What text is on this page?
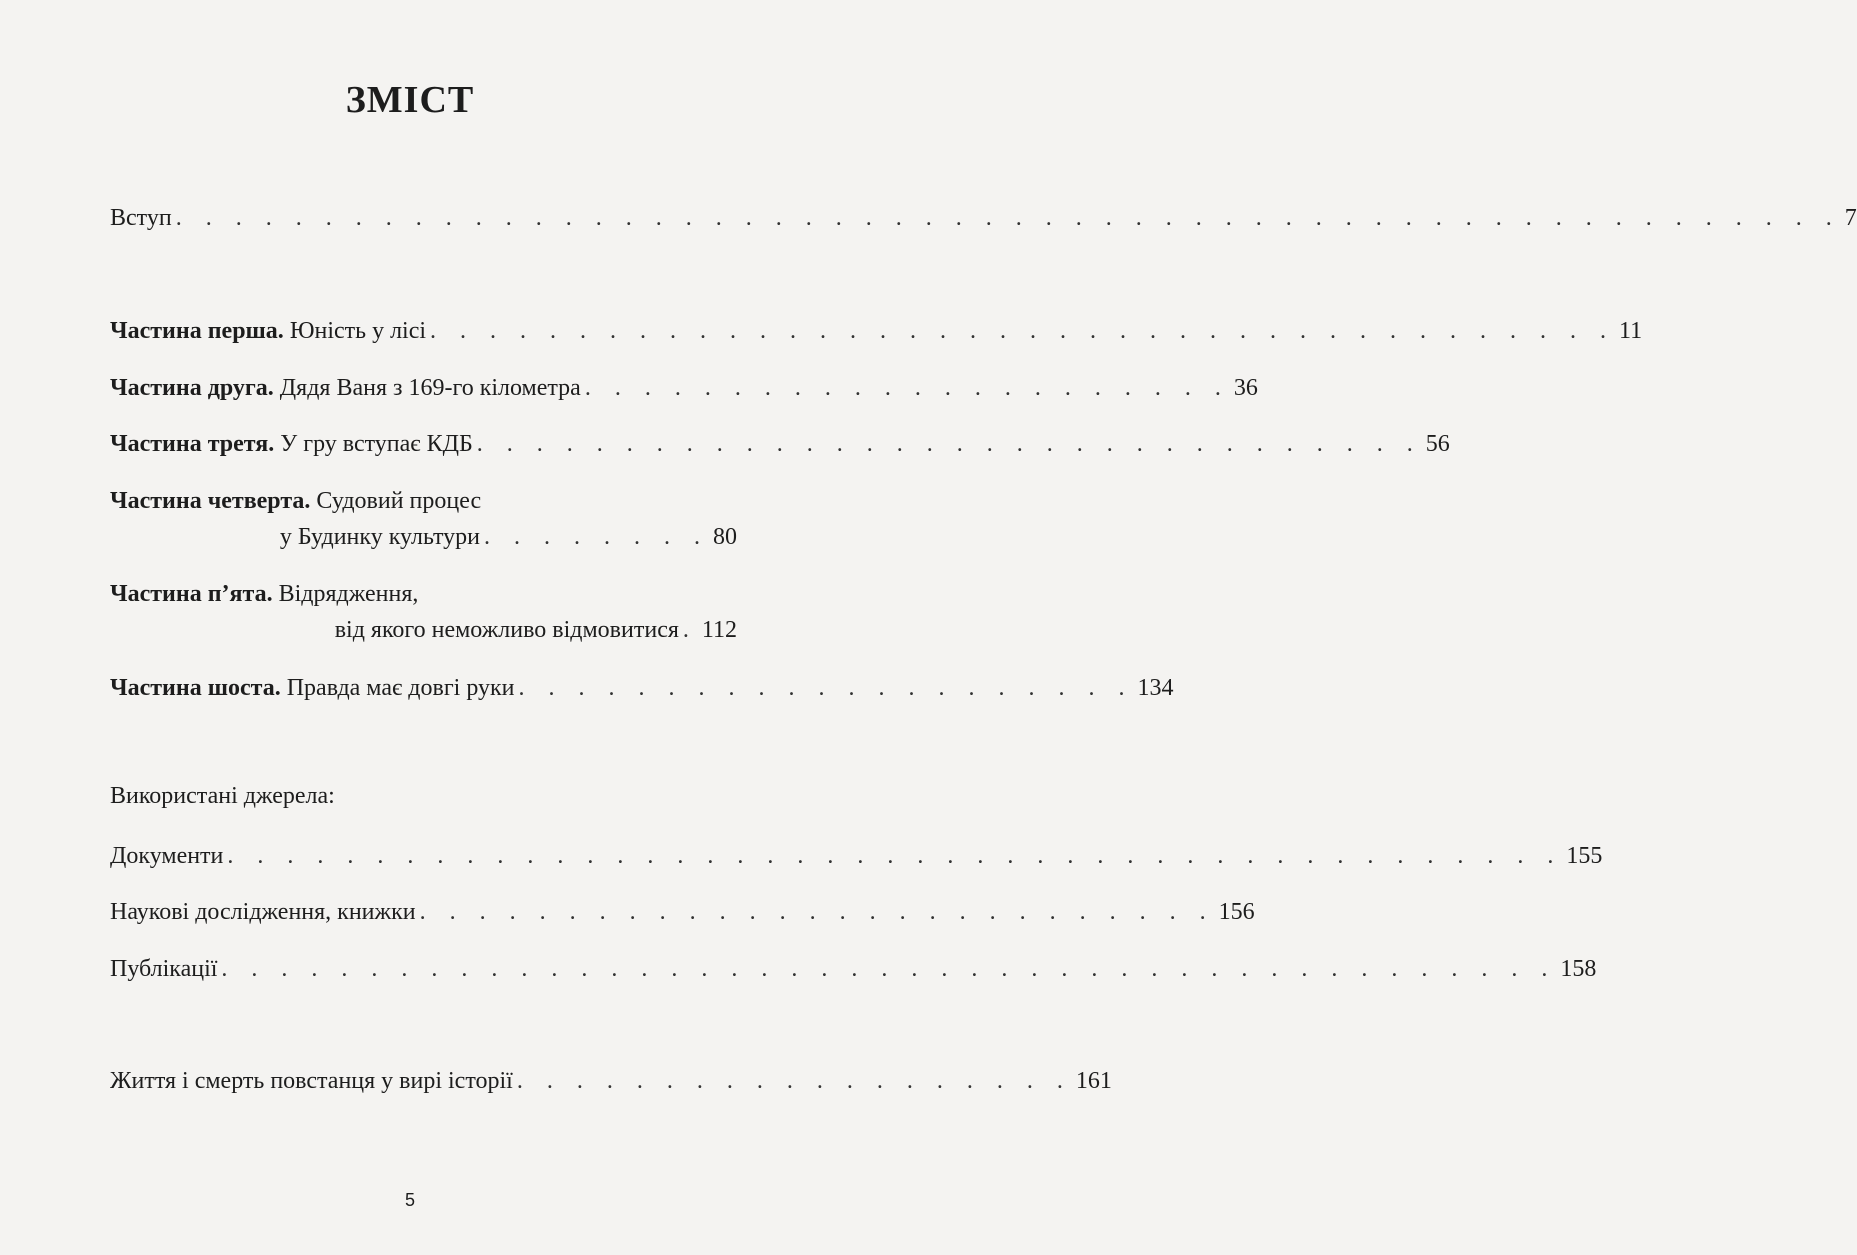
ЗМІСТ
Вступ . . . . . . . . . . . . . . . . . . . . . . . . . . . . . . . . . . . . . . . . . . . . . . . . . . . . . . . . 7
Частина перша. Юність у лісі . . . . . . . . . . . . . . . . . . . . . . . . . . . . . . . . . . . . . . . . 11
Частина друга. Дядя Ваня з 169-го кілометра . . . . . . . . . . . . . . . . . . . . . . 36
Частина третя. У гру вступає КДБ . . . . . . . . . . . . . . . . . . . . . . . . . . . . . . . . 56
Частина четверта. Судовий процес
у Будинку культури . . . . . . . . 80
Частина п’ята. Відрядження,
від якого неможливо відмовитися . 112
Частина шоста. Правда має довгі руки . . . . . . . . . . . . . . . . . . . . . 134
Використані джерела:
Документи . . . . . . . . . . . . . . . . . . . . . . . . . . . . . . . . . . . . . . . . . . . . . 155
Наукові дослідження, книжки . . . . . . . . . . . . . . . . . . . . . . . . . . . 156
Публікації . . . . . . . . . . . . . . . . . . . . . . . . . . . . . . . . . . . . . . . . . . . . . 158
Життя і смерть повстанця у вирі історії . . . . . . . . . . . . . . . . . . . 161
5
